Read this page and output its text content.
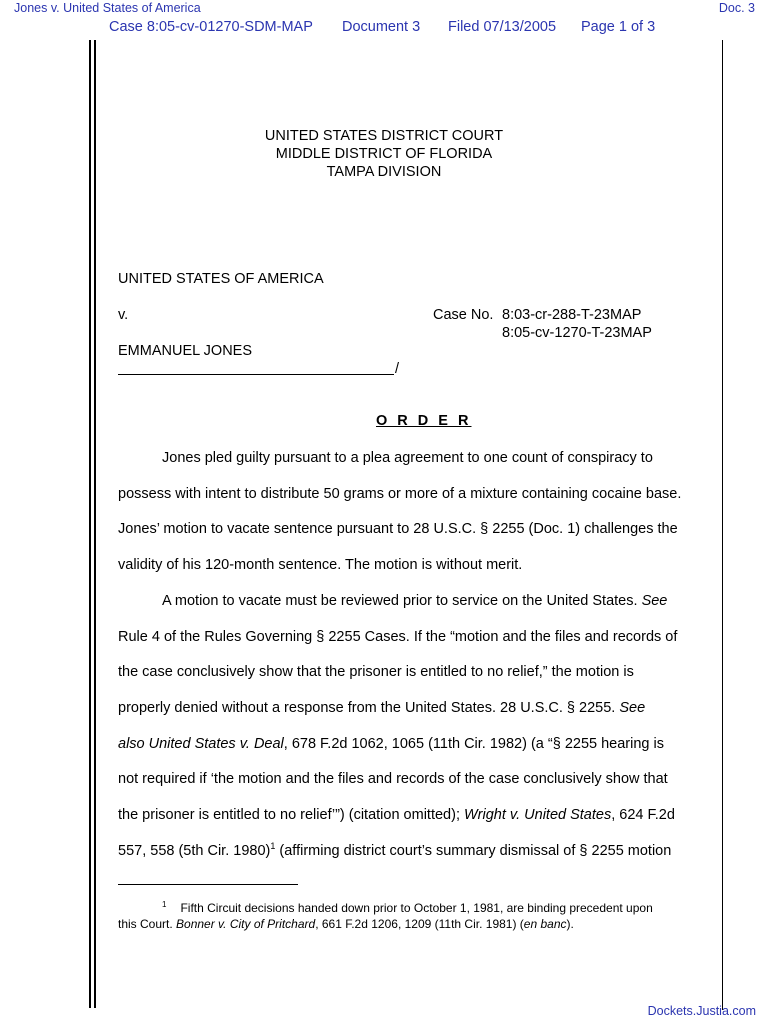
Jones v. United States of America	Doc. 3
Case 8:05-cv-01270-SDM-MAP Document 3 Filed 07/13/2005 Page 1 of 3
UNITED STATES DISTRICT COURT
MIDDLE DISTRICT OF FLORIDA
TAMPA DIVISION
UNITED STATES OF AMERICA
v.	Case No. 8:03-cr-288-T-23MAP
8:05-cv-1270-T-23MAP
EMMANUEL JONES
/
O R D E R
Jones pled guilty pursuant to a plea agreement to one count of conspiracy to
possess with intent to distribute 50 grams or more of a mixture containing cocaine base.
Jones’ motion to vacate sentence pursuant to 28 U.S.C. § 2255 (Doc. 1) challenges the
validity of his 120-month sentence. The motion is without merit.
A motion to vacate must be reviewed prior to service on the United States. See
Rule 4 of the Rules Governing § 2255 Cases. If the “motion and the files and records of
the case conclusively show that the prisoner is entitled to no relief,” the motion is
properly denied without a response from the United States. 28 U.S.C. § 2255. See
also United States v. Deal, 678 F.2d 1062, 1065 (11th Cir. 1982) (a “§ 2255 hearing is
not required if ‘the motion and the files and records of the case conclusively show that
the prisoner is entitled to no relief’”) (citation omitted); Wright v. United States, 624 F.2d
557, 558 (5th Cir. 1980)$^1$ (affirming district court’s summary dismissal of § 2255 motion
$^1$ Fifth Circuit decisions handed down prior to October 1, 1981, are binding precedent upon
this Court. Bonner v. City of Pritchard, 661 F.2d 1206, 1209 (11th Cir. 1981) (en banc).
Dockets.Justia.com
